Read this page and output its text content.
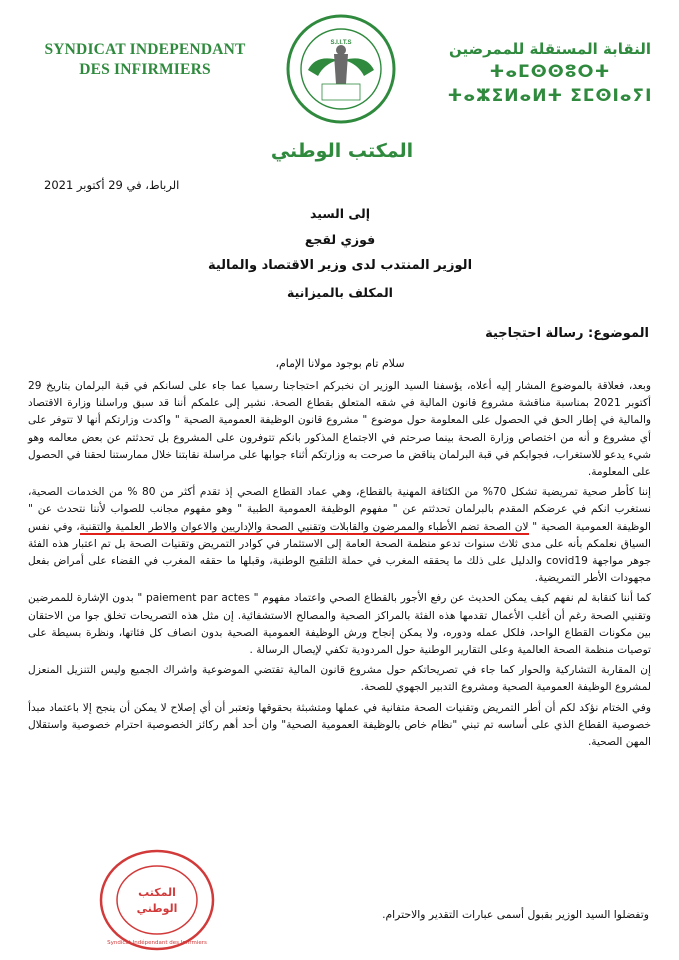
SYNDICAT INDEPENDANT
DES INFIRMIERS
S.I.I.T.S	النقابة المستقلة للممرضين
ⵜⴰⵎⵙⵙⵓⵔⵜ ⵜⴰⵣⵉⵍⴰⵍⵜ ⵉⵎⵙⵏⴰⵢⵏ
المكتب الوطني
الرباط، في 29 أكتوبر 2021
إلى السيد
فوزي لقجع
الوزير المنتدب لدى وزير الاقتصاد والمالية
المكلف بالميزانية
الموضوع: رسالة احتجاجية
سلام تام بوجود مولانا الإمام،

وبعد، فعلاقة بالموضوع المشار إليه أعلاه، يؤسفنا السيد الوزير ان نخبركم احتجاجنا رسميا عما جاء على لسانكم في قبة البرلمان بتاريخ 29 أكتوبر 2021 بمناسبة مناقشة مشروع قانون المالية في شقه المتعلق بقطاع الصحة. نشير إلى علمكم أننا قد سبق وراسلنا وزارة الاقتصاد والمالية في إطار الحق في الحصول على المعلومة حول موضوع " مشروع قانون الوظيفة العمومية الصحية " واكدت وزارتكم أنها لا تتوفر على أي مشروع و أنه من اختصاص وزارة الصحة بينما صرحتم في الاجتماع المذكور بانكم تتوفرون على المشروع بل تحدثتم عن بعض معالمه وهو شيء يدعو للاستغراب، فجوابكم في قبة البرلمان يناقض ما صرحت به وزارتكم أثناء جوابها على مراسلة نقابتنا خلال ممارستنا لحقنا في الحصول على المعلومة.

إننا كأطر صحية تمريضية تشكل 70% من الكثافة المهنية بالقطاع، وهي عماد القطاع الصحي إذ تقدم أكثر من 80 % من الخدمات الصحية، نستغرب انكم في عرضكم المقدم بالبرلمان تحدثتم عن " مفهوم الوظيفة العمومية الطبية " وهو مفهوم مجانب للصواب لأننا نتحدث عن " الوظيفة العمومية الصحية " لان الصحة تضم الأطباء والممرضون والقابلات وتقنيي الصحة والإداريين والاعوان والاطر العلمية والتقنية، وفي نفس السياق نعلمكم بأنه على مدى ثلاث سنوات تدعو منظمة الصحة العامة إلى الاستثمار في كوادر التمريض وتقنيات الصحة بل تم اعتبار هذه الفئة جوهر مواجهة covid19 والدليل على ذلك ما يحققه المغرب في حملة التلقيح الوطنية، وقبلها ما حققه المغرب في القضاء على أمراض بفعل مجهودات الأطر التمريضية.

كما أننا كنقابة لم نفهم كيف يمكن الحديث عن رفع الأجور بالقطاع الصحي واعتماد مفهوم " paiement par actes " بدون الإشارة للممرضين وتقنيي الصحة رغم أن أغلب الأعمال تقدمها هذه الفئة بالمراكز الصحية والمصالح الاستشفائية. إن مثل هذه التصريحات تخلق جوا من الاحتقان بين مكونات القطاع الواحد، فلكل عمله ودوره، ولا يمكن إنجاح ورش الوظيفة العمومية الصحية بدون انصاف كل فئاتها، ونظرة بسيطة على توصيات منظمة الصحة العالمية وعلى التقارير الوطنية حول المردودية تكفي لإيصال الرسالة .

إن المقاربة التشاركية والحوار كما جاء في تصريحاتكم حول مشروع قانون المالية تقتضي الموضوعية واشراك الجميع وليس التنزيل المنعزل لمشروع الوظيفة العمومية الصحية ومشروع التدبير الجهوي للصحة.

وفي الختام نؤكد لكم أن أطر التمريض وتقنيات الصحة متفانية في عملها ومتشبثة بحقوقها وتعتبر أن أي إصلاح لا يمكن أن ينجح إلا باعتماد مبدأ خصوصية القطاع الذي على أساسه تم تبني "نظام خاص بالوظيفة العمومية الصحية" وان أحد أهم ركائز الخصوصية احترام خصوصية واستقلال المهن الصحية.

وتفضلوا السيد الوزير بقبول أسمى عبارات التقدير والاحترام.
المكتب
الوطني
Syndicat Indépendant des Infirmiers
